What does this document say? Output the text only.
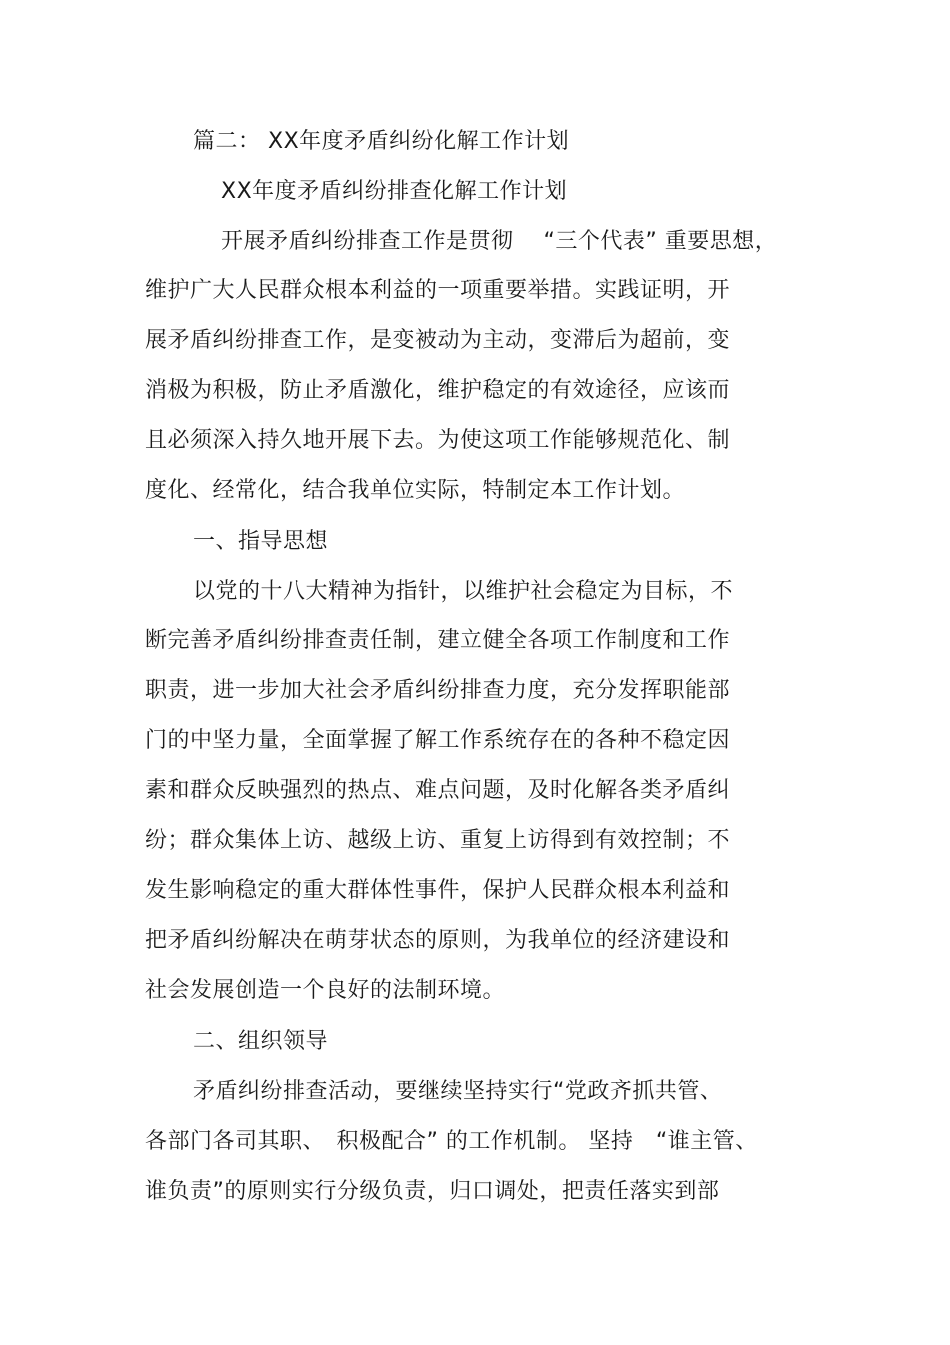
篇二： XX年度矛盾纠纷化解工作计划
XX年度矛盾纠纷排查化解工作计划
开展矛盾纠纷排查工作是贯彻　 “三个代表” 重要思想，
维护广大人民群众根本利益的一项重要举措。实践证明，开
展矛盾纠纷排查工作，是变被动为主动，变滞后为超前，变
消极为积极，防止矛盾激化，维护稳定的有效途径，应该而
且必须深入持久地开展下去。为使这项工作能够规范化、制
度化、经常化，结合我单位实际，特制定本工作计划。
一、指导思想
以党的十八大精神为指针，以维护社会稳定为目标，不
断完善矛盾纠纷排查责任制，建立健全各项工作制度和工作
职责，进一步加大社会矛盾纠纷排查力度，充分发挥职能部
门的中坚力量，全面掌握了解工作系统存在的各种不稳定因
素和群众反映强烈的热点、难点问题，及时化解各类矛盾纠
纷；群众集体上访、越级上访、重复上访得到有效控制；不
发生影响稳定的重大群体性事件，保护人民群众根本利益和
把矛盾纠纷解决在萌芽状态的原则，为我单位的经济建设和
社会发展创造一个良好的法制环境。
二、组织领导
矛盾纠纷排查活动，要继续坚持实行“党政齐抓共管、
各部门各司其职、　积极配合” 的工作机制。 坚持　“谁主管、
谁负责”的原则实行分级负责，归口调处，把责任落实到部
